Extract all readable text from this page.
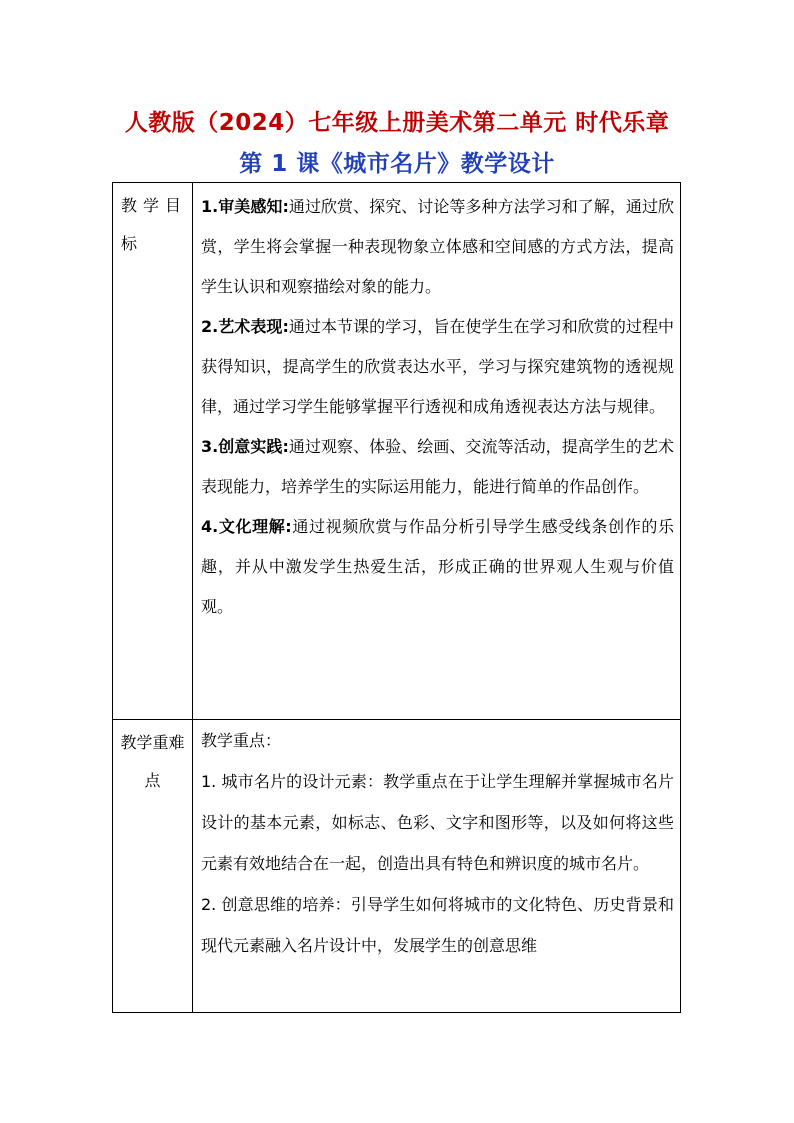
人教版（2024）七年级上册美术第二单元 时代乐章
第 1 课《城市名片》教学设计
教学目标	1.审美感知:通过欣赏、探究、讨论等多种方法学习和了解，通过欣赏，学生将会掌握一种表现物象立体感和空间感的方式方法，提高学生认识和观察描绘对象的能力。

2.艺术表现:通过本节课的学习，旨在使学生在学习和欣赏的过程中获得知识，提高学生的欣赏表达水平，学习与探究建筑物的透视规律，通过学习学生能够掌握平行透视和成角透视表达方法与规律。

3.创意实践:通过观察、体验、绘画、交流等活动，提高学生的艺术表现能力，培养学生的实际运用能力，能进行简单的作品创作。

4.文化理解:通过视频欣赏与作品分析引导学生感受线条创作的乐趣，并从中激发学生热爱生活，形成正确的世界观人生观与价值观。

教学重难点	教学重点：

1. 城市名片的设计元素：教学重点在于让学生理解并掌握城市名片设计的基本元素，如标志、色彩、文字和图形等，以及如何将这些元素有效地结合在一起，创造出具有特色和辨识度的城市名片。

2. 创意思维的培养：引导学生如何将城市的文化特色、历史背景和现代元素融入名片设计中，发展学生的创意思维
